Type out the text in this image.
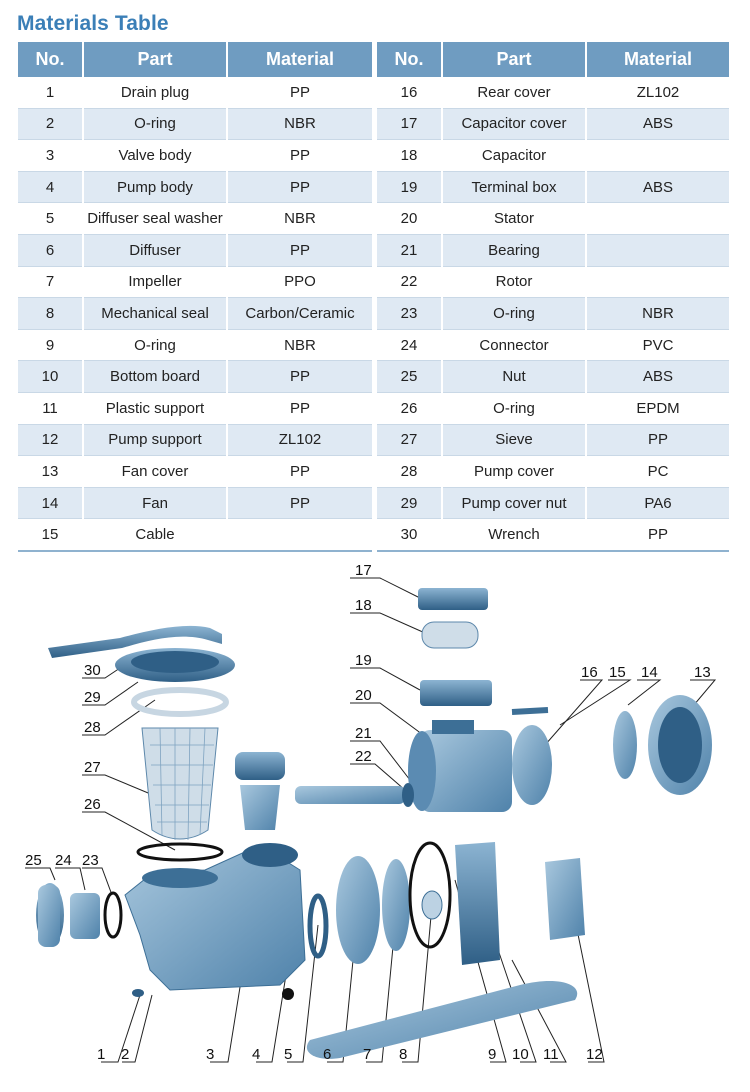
Materials Table
No.	Part	Material
1	Drain plug	PP
2	O-ring	NBR
3	Valve body	PP
4	Pump body	PP
5	Diffuser seal washer	NBR
6	Diffuser	PP
7	Impeller	PPO
8	Mechanical seal	Carbon/Ceramic
9	O-ring	NBR
10	Bottom board	PP
11	Plastic support	PP
12	Pump support	ZL102
13	Fan cover	PP
14	Fan	PP
15	Cable	
No.	Part	Material
16	Rear cover	ZL102
17	Capacitor cover	ABS
18	Capacitor	
19	Terminal box	ABS
20	Stator	
21	Bearing	
22	Rotor	
23	O-ring	NBR
24	Connector	PVC
25	Nut	ABS
26	O-ring	EPDM
27	Sieve	PP
28	Pump cover	PC
29	Pump cover nut	PA6
30	Wrench	PP
1 2	3	4 5 6 7 8	9 10 11 12
13
14
15
16
17
18
19
20
21
22
23
24
25
26
27
28
29
30
